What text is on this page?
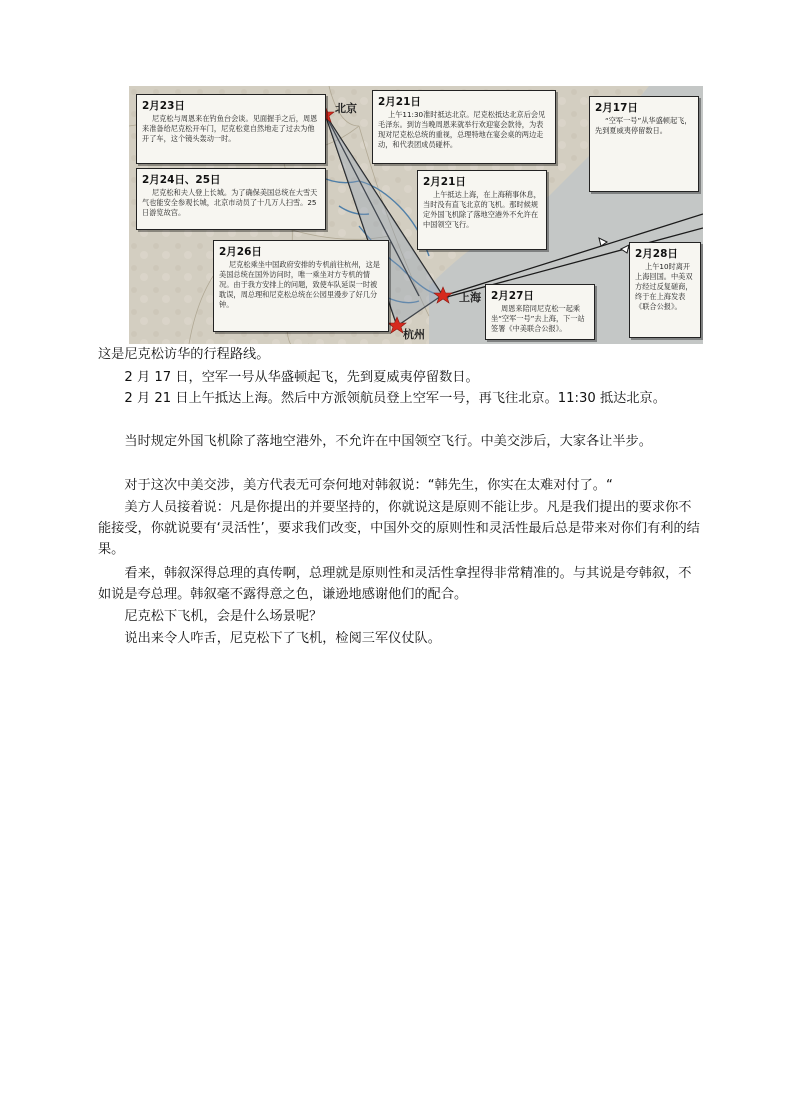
北京
上海
杭州
2月23日
尼克松与周恩来在钓鱼台会谈。见面握手之后，周恩来准备给尼克松开车门，尼克松竟自然地走了过去为他开了车，这个镜头轰动一时。
2月24日、25日
尼克松和夫人登上长城。为了确保美国总统在大雪天气也能安全参观长城，北京市动员了十几万人扫雪。25日游览故宫。
2月26日
尼克松乘坐中国政府安排的专机前往杭州，这是美国总统在国外访问时，唯一乘坐对方专机的情况。由于我方安排上的问题，致使车队延误一时被耽误，周总理和尼克松总统在公园里漫步了好几分钟。
2月21日
上午11:30准时抵达北京。尼克松抵达北京后会见毛泽东。到访当晚周恩来就举行欢迎宴会款待，为表现对尼克松总统的重视，总理特地在宴会桌的两边走动，和代表团成员碰杯。
2月21日
上午抵达上海，在上海稍事休息，当时没有直飞北京的飞机。那时候规定外国飞机除了落地空港外不允许在中国领空飞行。
2月17日
“空军一号”从华盛顿起飞，先到夏威夷停留数日。
2月27日
周恩来陪同尼克松一起乘坐“空军一号”去上海，下一站签署《中美联合公报》。
2月28日
上午10时离开上海回国。中美双方经过反复磋商，终于在上海发表《联合公报》。

这是尼克松访华的行程路线。

2 月 17 日，空军一号从华盛顿起飞，先到夏威夷停留数日。

2 月 21 日上午抵达上海。然后中方派领航员登上空军一号，再飞往北京。11:30 抵达北京。

当时规定外国飞机除了落地空港外，不允许在中国领空飞行。中美交涉后，大家各让半步。

对于这次中美交涉，美方代表无可奈何地对韩叙说：“韩先生，你实在太难对付了。“

美方人员接着说：凡是你提出的并要坚持的，你就说这是原则不能让步。凡是我们提出的要求你不能接受，你就说要有‘灵活性’，要求我们改变，中国外交的原则性和灵活性最后总是带来对你们有利的结果。

看来，韩叙深得总理的真传啊，总理就是原则性和灵活性拿捏得非常精准的。与其说是夸韩叙，不如说是夸总理。韩叙毫不露得意之色，谦逊地感谢他们的配合。

尼克松下飞机，会是什么场景呢？

说出来令人咋舌，尼克松下了飞机，检阅三军仪仗队。
